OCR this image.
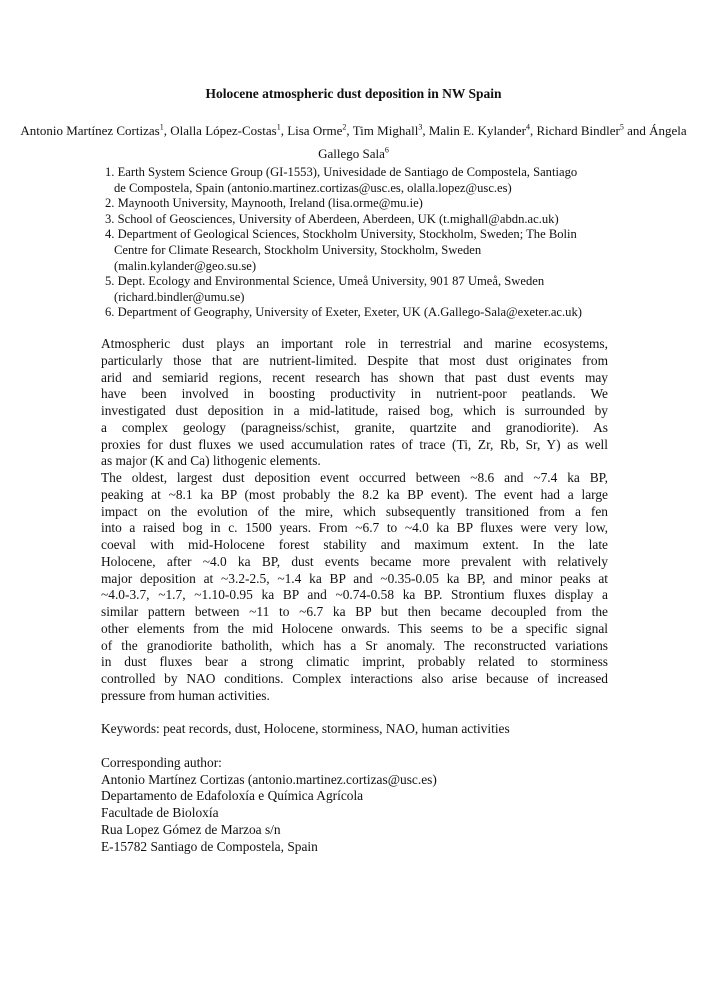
Holocene atmospheric dust deposition in NW Spain
Antonio Martínez Cortizas$^1$, Olalla López-Costas$^1$, Lisa Orme$^2$, Tim Mighall$^3$, Malin E. Kylander$^4$, Richard Bindler$^5$ and Ángela Gallego Sala$^6$
1. Earth System Science Group (GI-1553), Univesidade de Santiago de Compostela, Santiago
de Compostela, Spain (antonio.martinez.cortizas@usc.es, olalla.lopez@usc.es)
2. Maynooth University, Maynooth, Ireland (lisa.orme@mu.ie)
3. School of Geosciences, University of Aberdeen, Aberdeen, UK (t.mighall@abdn.ac.uk)
4. Department of Geological Sciences, Stockholm University, Stockholm, Sweden; The Bolin
Centre for Climate Research, Stockholm University, Stockholm, Sweden
(malin.kylander@geo.su.se)
5. Dept. Ecology and Environmental Science, Umeå University, 901 87 Umeå, Sweden
(richard.bindler@umu.se)
6. Department of Geography, University of Exeter, Exeter, UK (A.Gallego-Sala@exeter.ac.uk)
Atmospheric dust plays an important role in terrestrial and marine ecosystems,
particularly those that are nutrient-limited. Despite that most dust originates from
arid and semiarid regions, recent research has shown that past dust events may
have been involved in boosting productivity in nutrient-poor peatlands. We
investigated dust deposition in a mid-latitude, raised bog, which is surrounded by
a complex geology (paragneiss/schist, granite, quartzite and granodiorite). As
proxies for dust fluxes we used accumulation rates of trace (Ti, Zr, Rb, Sr, Y) as well
as major (K and Ca) lithogenic elements.
The oldest, largest dust deposition event occurred between ~8.6 and ~7.4 ka BP,
peaking at ~8.1 ka BP (most probably the 8.2 ka BP event). The event had a large
impact on the evolution of the mire, which subsequently transitioned from a fen
into a raised bog in c. 1500 years. From ~6.7 to ~4.0 ka BP fluxes were very low,
coeval with mid-Holocene forest stability and maximum extent. In the late
Holocene, after ~4.0 ka BP, dust events became more prevalent with relatively
major deposition at ~3.2-2.5, ~1.4 ka BP and ~0.35-0.05 ka BP, and minor peaks at
~4.0-3.7, ~1.7, ~1.10-0.95 ka BP and ~0.74-0.58 ka BP. Strontium fluxes display a
similar pattern between ~11 to ~6.7 ka BP but then became decoupled from the
other elements from the mid Holocene onwards. This seems to be a specific signal
of the granodiorite batholith, which has a Sr anomaly. The reconstructed variations
in dust fluxes bear a strong climatic imprint, probably related to storminess
controlled by NAO conditions. Complex interactions also arise because of increased
pressure from human activities.
Keywords: peat records, dust, Holocene, storminess, NAO, human activities
Corresponding author:
Antonio Martínez Cortizas (antonio.martinez.cortizas@usc.es)
Departamento de Edafoloxía e Química Agrícola
Facultade de Bioloxía
Rua Lopez Gómez de Marzoa s/n
E-15782 Santiago de Compostela, Spain
